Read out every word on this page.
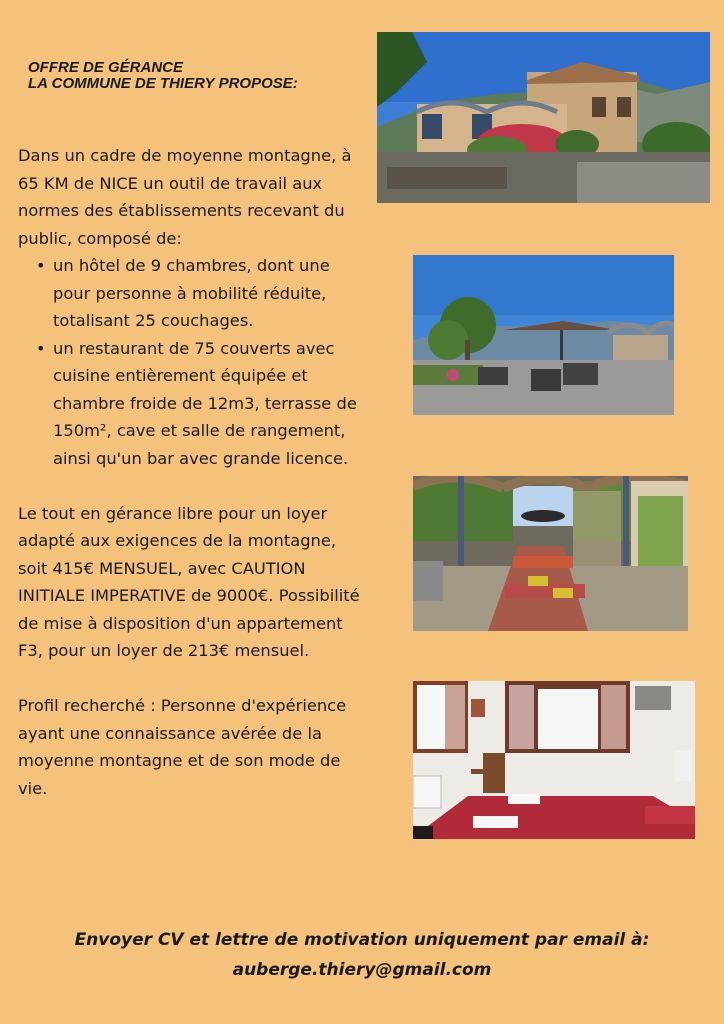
OFFRE DE GÉRANCE
LA COMMUNE DE THIERY PROPOSE:

Dans un cadre de moyenne montagne, à 65 KM de NICE un outil de travail aux normes des établissements recevant du public, composé de:

• un hôtel de 9 chambres, dont une pour personne à mobilité réduite, totalisant 25 couchages.
• un restaurant de 75 couverts avec cuisine entièrement équipée et chambre froide de 12m3, terrasse de 150m², cave et salle de rangement, ainsi qu'un bar avec grande licence.

Le tout en gérance libre pour un loyer adapté aux exigences de la montagne, soit 415€ MENSUEL, avec CAUTION INITIALE IMPERATIVE de 9000€. Possibilité de mise à disposition d'un appartement F3, pour un loyer de 213€ mensuel.

Profil recherché : Personne d'expérience ayant une connaissance avérée de la moyenne montagne et de son mode de vie.

Envoyer CV et lettre de motivation uniquement par email à:
auberge.thiery@gmail.com
